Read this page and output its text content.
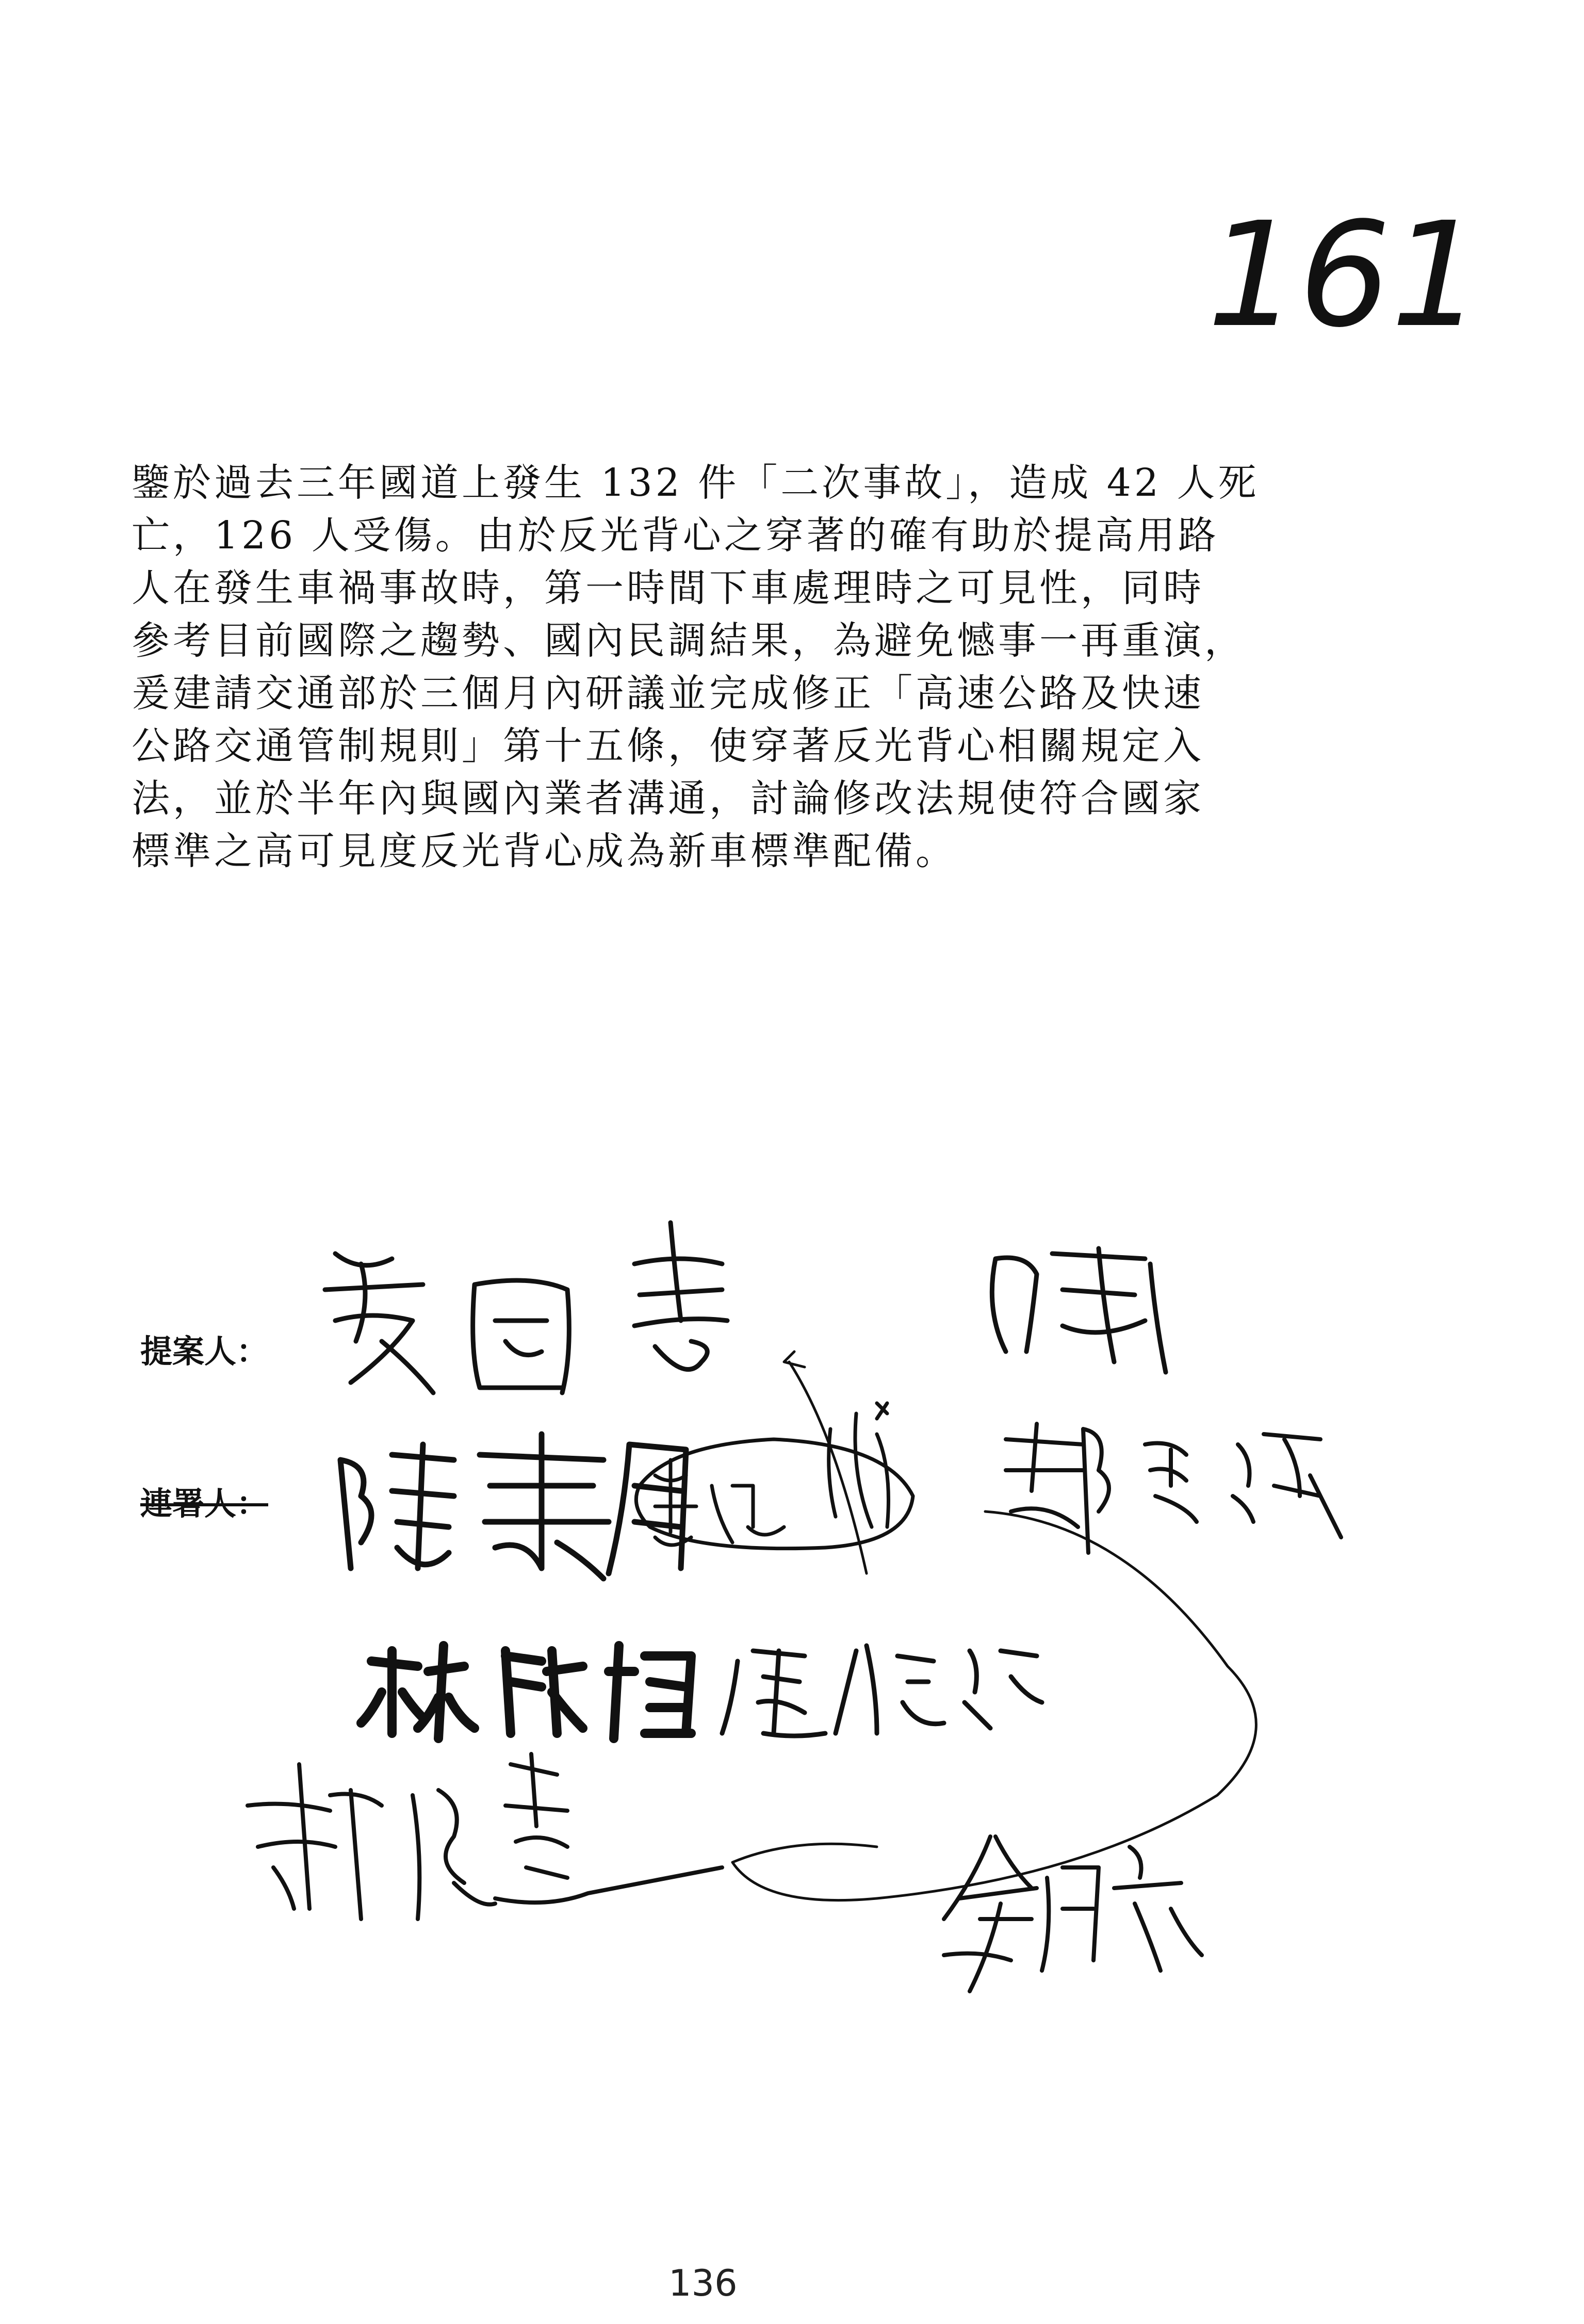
161
鑒於過去三年國道上發生 132 件「二次事故」，造成 42 人死
亡，126 人受傷。由於反光背心之穿著的確有助於提高用路
人在發生車禍事故時，第一時間下車處理時之可見性，同時
參考目前國際之趨勢、國內民調結果，為避免憾事一再重演，
爰建請交通部於三個月內研議並完成修正「高速公路及快速
公路交通管制規則」第十五條，使穿著反光背心相關規定入
法，並於半年內與國內業者溝通，討論修改法規使符合國家
標準之高可見度反光背心成為新車標準配備。
提案人：
連署人：
136
